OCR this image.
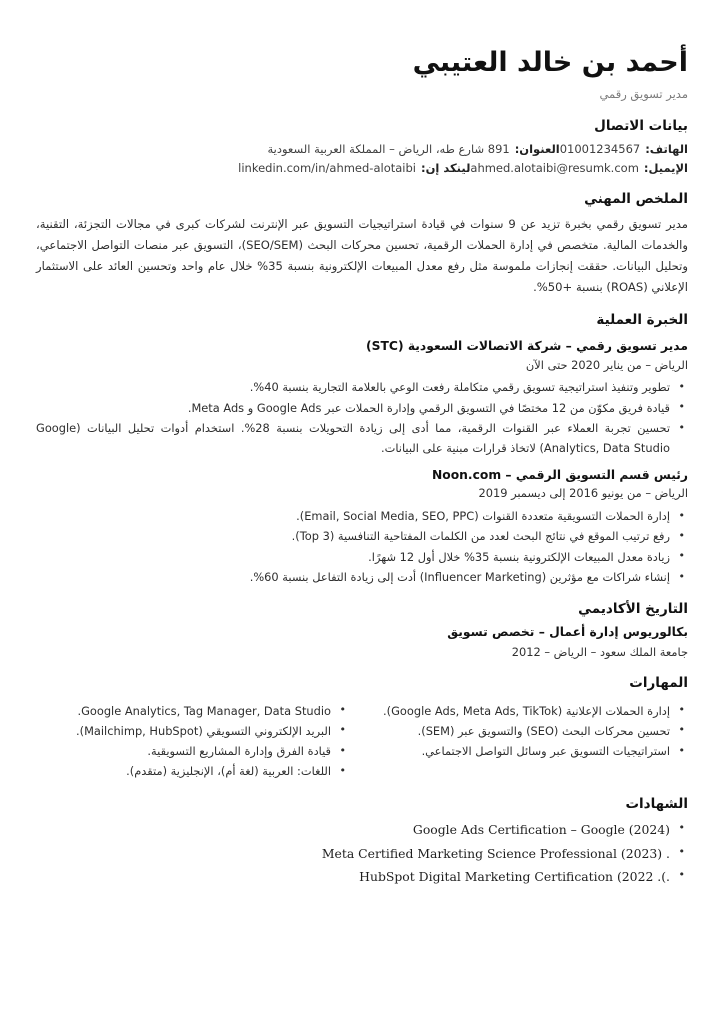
أحمد بن خالد العتيبي
مدير تسويق رقمي
بيانات الاتصال
الهاتف:
01001234567
العنوان:
891 شارع طه، الرياض – المملكة العربية السعودية
الإيميل:
ahmed.alotaibi@resumk.com
لينكد إن:
linkedin.com/in/ahmed-alotaibi
الملخص المهني
مدير تسويق رقمي بخبرة تزيد عن 9 سنوات في قيادة استراتيجيات التسويق عبر الإنترنت لشركات كبرى في مجالات التجزئة، التقنية، والخدمات المالية. متخصص في إدارة الحملات الرقمية، تحسين محركات البحث (SEO/SEM)، التسويق عبر منصات التواصل الاجتماعي، وتحليل البيانات. حققت إنجازات ملموسة مثل رفع معدل المبيعات الإلكترونية بنسبة 35% خلال عام واحد وتحسين العائد على الاستثمار الإعلاني (ROAS) بنسبة +50%.
الخبرة العملية
مدير تسويق رقمي – شركة الاتصالات السعودية (STC)
الرياض – من يناير 2020 حتى الآن
• تطوير وتنفيذ استراتيجية تسويق رقمي متكاملة رفعت الوعي بالعلامة التجارية بنسبة 40%.
• قيادة فريق مكوّن من 12 مختصًا في التسويق الرقمي وإدارة الحملات عبر Google Ads و Meta Ads.
• تحسين تجربة العملاء عبر القنوات الرقمية، مما أدى إلى زيادة التحويلات بنسبة 28%. استخدام أدوات تحليل البيانات (Google Analytics, Data Studio) لاتخاذ قرارات مبنية على البيانات.
رئيس قسم التسويق الرقمي – Noon.com
الرياض – من يونيو 2016 إلى ديسمبر 2019
• إدارة الحملات التسويقية متعددة القنوات (Email, Social Media, SEO, PPC).
• رفع ترتيب الموقع في نتائج البحث لعدد من الكلمات المفتاحية التنافسية (Top 3).
• زيادة معدل المبيعات الإلكترونية بنسبة 35% خلال أول 12 شهرًا.
• إنشاء شراكات مع مؤثرين (Influencer Marketing) أدت إلى زيادة التفاعل بنسبة 60%.
التاريخ الأكاديمي
بكالوريوس إدارة أعمال – تخصص تسويق
جامعة الملك سعود – الرياض – 2012
المهارات
• إدارة الحملات الإعلانية (Google Ads, Meta Ads, TikTok).
• تحسين محركات البحث (SEO) والتسويق عبر (SEM).
• استراتيجيات التسويق عبر وسائل التواصل الاجتماعي.
• Google Analytics, Tag Manager, Data Studio.
• البريد الإلكتروني التسويقي (Mailchimp, HubSpot).
• قيادة الفرق وإدارة المشاريع التسويقية.
• اللغات: العربية (لغة أم)، الإنجليزية (متقدم).
الشهادات
• Google Ads Certification – Google (2024)
• Meta Certified Marketing Science Professional (2023) .
• HubSpot Digital Marketing Certification (2022 .(.
